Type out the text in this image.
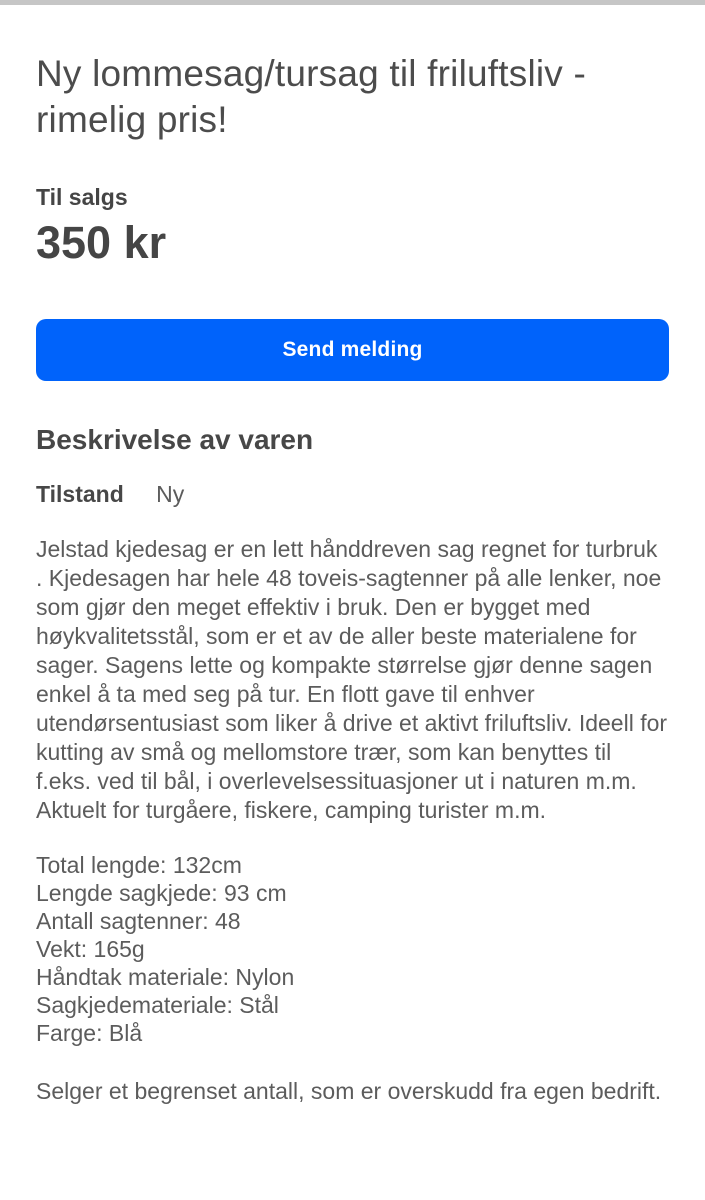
Ny lommesag/tursag til friluftsliv - rimelig pris!
Til salgs
350 kr
Send melding
Beskrivelse av varen
Tilstand Ny

Jelstad kjedesag er en lett hånddreven sag regnet for turbruk . Kjedesagen har hele 48 toveis-sagtenner på alle lenker, noe som gjør den meget effektiv i bruk. Den er bygget med høykvalitetsstål, som er et av de aller beste materialene for sager. Sagens lette og kompakte størrelse gjør denne sagen enkel å ta med seg på tur. En flott gave til enhver utendørsentusiast som liker å drive et aktivt friluftsliv. Ideell for kutting av små og mellomstore trær, som kan benyttes til f.eks. ved til bål, i overlevelsessituasjoner ut i naturen m.m. Aktuelt for turgåere, fiskere, camping turister m.m.

Total lengde: 132cm
Lengde sagkjede: 93 cm
Antall sagtenner: 48
Vekt: 165g
Håndtak materiale: Nylon
Sagkjedemateriale: Stål
Farge: Blå

Selger et begrenset antall, som er overskudd fra egen bedrift.
